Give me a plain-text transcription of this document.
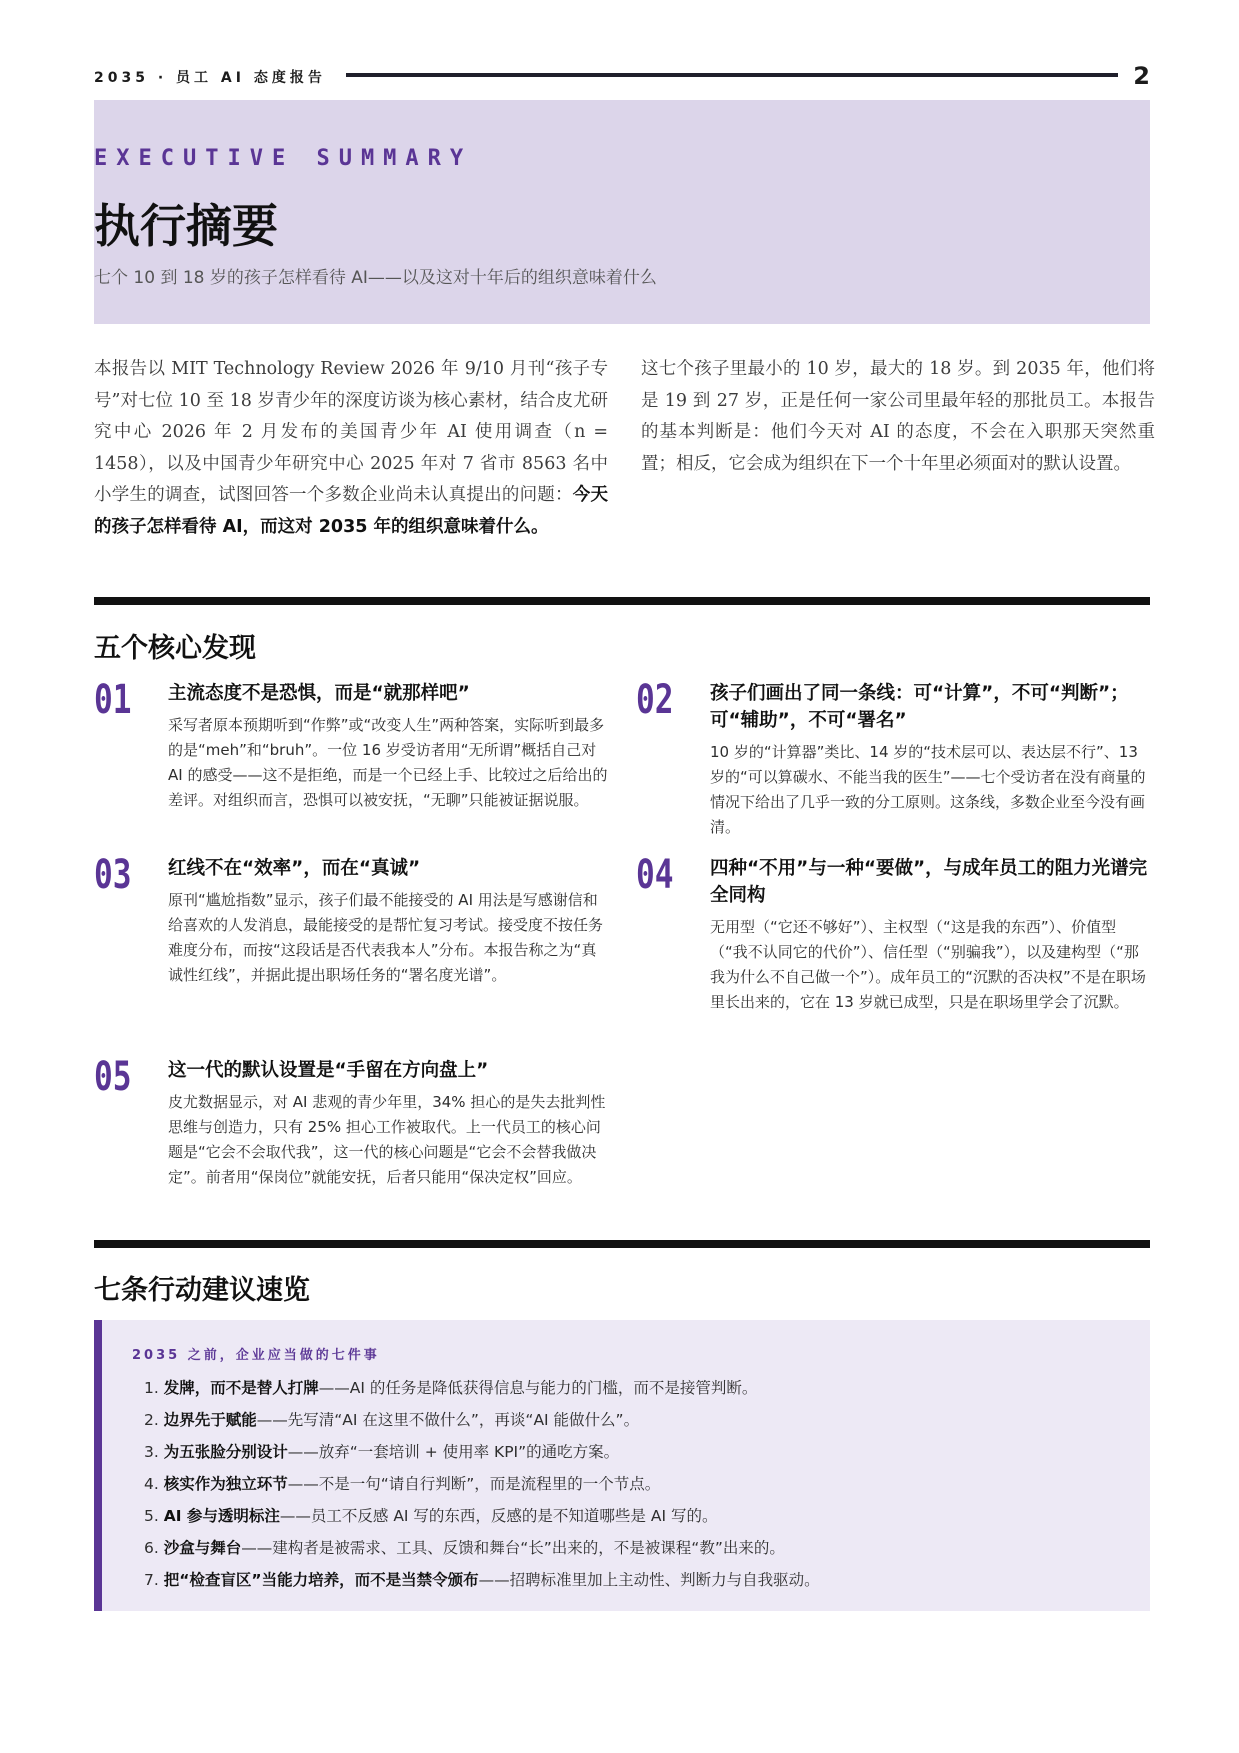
2035 · 员工 AI 态度报告	2
EXECUTIVE SUMMARY
执行摘要
七个 10 到 18 岁的孩子怎样看待 AI——以及这对十年后的组织意味着什么

本报告以 MIT Technology Review 2026 年 9/10 月刊“孩子专号”对七位 10 至 18 岁青少年的深度访谈为核心素材，结合皮尤研究中心 2026 年 2 月发布的美国青少年 AI 使用调查（n = 1458），以及中国青少年研究中心 2025 年对 7 省市 8563 名中小学生的调查，试图回答一个多数企业尚未认真提出的问题：今天的孩子怎样看待 AI，而这对 2035 年的组织意味着什么。

这七个孩子里最小的 10 岁，最大的 18 岁。到 2035 年，他们将是 19 到 27 岁，正是任何一家公司里最年轻的那批员工。本报告的基本判断是：他们今天对 AI 的态度，不会在入职那天突然重置；相反，它会成为组织在下一个十年里必须面对的默认设置。

五个核心发现
01 主流态度不是恐惧，而是“就那样吧”

采写者原本预期听到“作弊”或“改变人生”两种答案，实际听到最多的是“meh”和“bruh”。一位 16 岁受访者用“无所谓”概括自己对 AI 的感受——这不是拒绝，而是一个已经上手、比较过之后给出的差评。对组织而言，恐惧可以被安抚，“无聊”只能被证据说服。

02 孩子们画出了同一条线：可“计算”，不可“判断”；可“辅助”，不可“署名”

10 岁的“计算器”类比、14 岁的“技术层可以、表达层不行”、13 岁的“可以算碳水、不能当我的医生”——七个受访者在没有商量的情况下给出了几乎一致的分工原则。这条线，多数企业至今没有画清。

03 红线不在“效率”，而在“真诚”

原刊“尴尬指数”显示，孩子们最不能接受的 AI 用法是写感谢信和给喜欢的人发消息，最能接受的是帮忙复习考试。接受度不按任务难度分布，而按“这段话是否代表我本人”分布。本报告称之为“真诚性红线”，并据此提出职场任务的“署名度光谱”。

04 四种“不用”与一种“要做”，与成年员工的阻力光谱完全同构

无用型（“它还不够好”）、主权型（“这是我的东西”）、价值型（“我不认同它的代价”）、信任型（“别骗我”），以及建构型（“那我为什么不自己做一个”）。成年员工的“沉默的否决权”不是在职场里长出来的，它在 13 岁就已成型，只是在职场里学会了沉默。

05 这一代的默认设置是“手留在方向盘上”

皮尤数据显示，对 AI 悲观的青少年里，34% 担心的是失去批判性思维与创造力，只有 25% 担心工作被取代。上一代员工的核心问题是“它会不会取代我”，这一代的核心问题是“它会不会替我做决定”。前者用“保岗位”就能安抚，后者只能用“保决定权”回应。

七条行动建议速览
2035 之前，企业应当做的七件事
1. 发牌，而不是替人打牌——AI 的任务是降低获得信息与能力的门槛，而不是接管判断。
2. 边界先于赋能——先写清“AI 在这里不做什么”，再谈“AI 能做什么”。
3. 为五张脸分别设计——放弃“一套培训 + 使用率 KPI”的通吃方案。
4. 核实作为独立环节——不是一句“请自行判断”，而是流程里的一个节点。
5. AI 参与透明标注——员工不反感 AI 写的东西，反感的是不知道哪些是 AI 写的。
6. 沙盒与舞台——建构者是被需求、工具、反馈和舞台“长”出来的，不是被课程“教”出来的。
7. 把“检查盲区”当能力培养，而不是当禁令颁布——招聘标准里加上主动性、判断力与自我驱动。
